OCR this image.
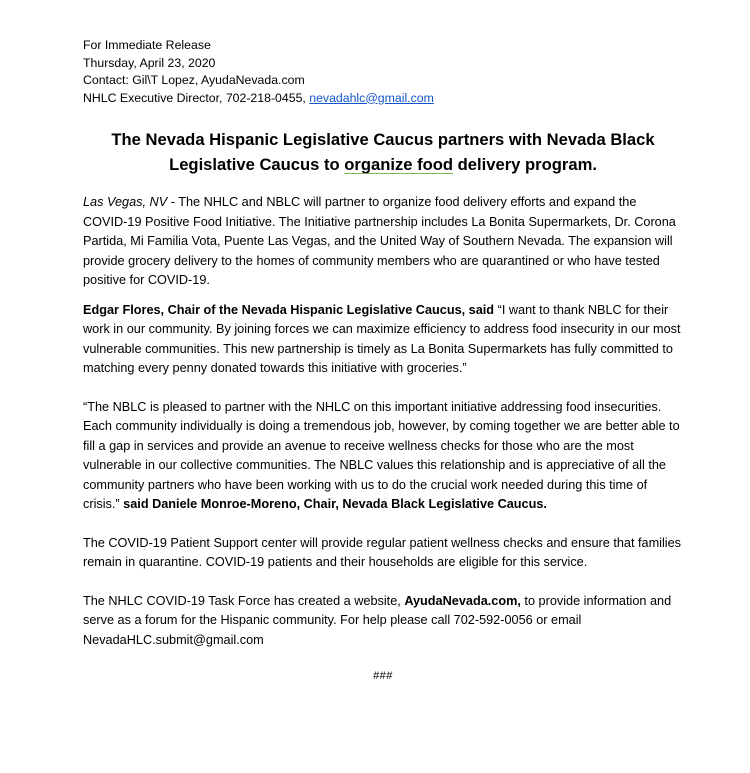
For Immediate Release

Thursday, April 23, 2020

Contact: Gil\T Lopez, AyudaNevada.com

NHLC Executive Director, 702-218-0455, nevadahlc@gmail.com

The Nevada Hispanic Legislative Caucus partners with Nevada Black Legislative Caucus to organize food delivery program.

Las Vegas, NV - The NHLC and NBLC will partner to organize food delivery efforts and expand the COVID-19 Positive Food Initiative. The Initiative partnership includes La Bonita Supermarkets, Dr. Corona Partida, Mi Familia Vota, Puente Las Vegas, and the United Way of Southern Nevada. The expansion will provide grocery delivery to the homes of community members who are quarantined or who have tested positive for COVID-19.

Edgar Flores, Chair of the Nevada Hispanic Legislative Caucus, said “I want to thank NBLC for their work in our community. By joining forces we can maximize efficiency to address food insecurity in our most vulnerable communities. This new partnership is timely as La Bonita Supermarkets has fully committed to matching every penny donated towards this initiative with groceries.”

“The NBLC is pleased to partner with the NHLC on this important initiative addressing food insecurities. Each community individually is doing a tremendous job, however, by coming together we are better able to fill a gap in services and provide an avenue to receive wellness checks for those who are the most vulnerable in our collective communities. The NBLC values this relationship and is appreciative of all the community partners who have been working with us to do the crucial work needed during this time of crisis.” said Daniele Monroe-Moreno, Chair, Nevada Black Legislative Caucus.

The COVID-19 Patient Support center will provide regular patient wellness checks and ensure that families remain in quarantine. COVID-19 patients and their households are eligible for this service.

The NHLC COVID-19 Task Force has created a website, AyudaNevada.com, to provide information and serve as a forum for the Hispanic community. For help please call 702-592-0056 or email NevadaHLC.submit@gmail.com

###
